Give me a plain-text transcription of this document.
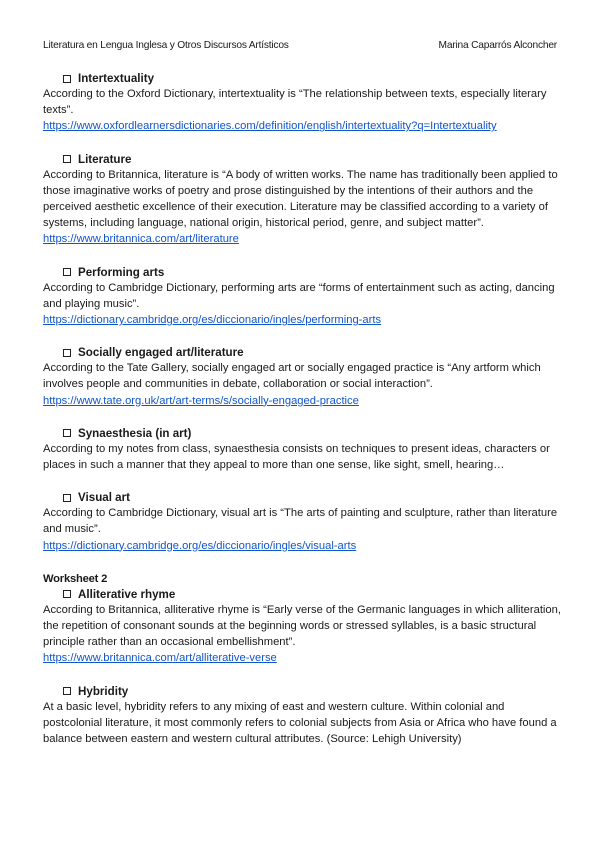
Literatura en Lengua Inglesa y Otros Discursos Artísticos	Marina Caparrós Alconcher
Intertextuality

According to the Oxford Dictionary, intertextuality is “The relationship between texts, especially literary texts”.

https://www.oxfordlearnersdictionaries.com/definition/english/intertextuality?q=Intertextuality
Literature

According to Britannica, literature is “A body of written works. The name has traditionally been applied to those imaginative works of poetry and prose distinguished by the intentions of their authors and the perceived aesthetic excellence of their execution. Literature may be classified according to a variety of systems, including language, national origin, historical period, genre, and subject matter”.

https://www.britannica.com/art/literature
Performing arts

According to Cambridge Dictionary, performing arts are “forms of entertainment such as acting, dancing and playing music”.

https://dictionary.cambridge.org/es/diccionario/ingles/performing-arts
Socially engaged art/literature

According to the Tate Gallery, socially engaged art or socially engaged practice is “Any artform which involves people and communities in debate, collaboration or social interaction”.

https://www.tate.org.uk/art/art-terms/s/socially-engaged-practice
Synaesthesia (in art)

According to my notes from class, synaesthesia consists on techniques to present ideas, characters or places in such a manner that they appeal to more than one sense, like sight, smell, hearing…

Visual art

According to Cambridge Dictionary, visual art is “The arts of painting and sculpture, rather than literature and music”.

https://dictionary.cambridge.org/es/diccionario/ingles/visual-arts

Worksheet 2

Alliterative rhyme

According to Britannica, alliterative rhyme is “Early verse of the Germanic languages in which alliteration, the repetition of consonant sounds at the beginning words or stressed syllables, is a basic structural principle rather than an occasional embellishment”.

https://www.britannica.com/art/alliterative-verse
Hybridity

At a basic level, hybridity refers to any mixing of east and western culture. Within colonial and postcolonial literature, it most commonly refers to colonial subjects from Asia or Africa who have found a balance between eastern and western cultural attributes. (Source: Lehigh University)
